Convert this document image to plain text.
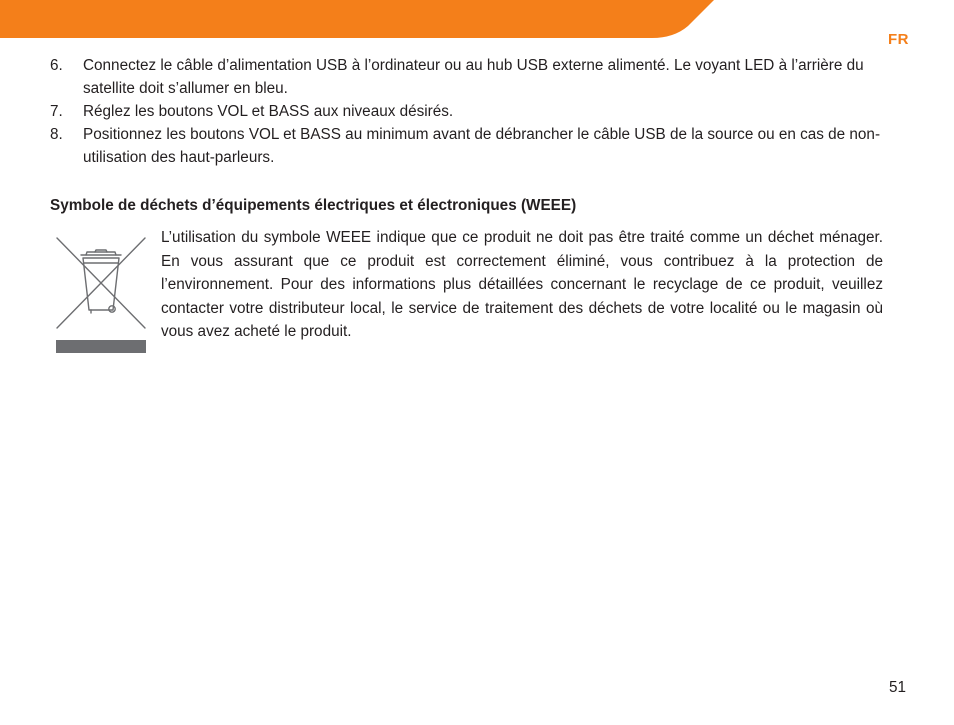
FR
6. Connectez le câble d’alimentation USB à l’ordinateur ou au hub USB externe alimenté. Le voyant LED à l’arrière du satellite doit s’allumer en bleu.
7. Réglez les boutons VOL et BASS aux niveaux désirés.
8. Positionnez les boutons VOL et BASS au minimum avant de débrancher le câble USB de la source ou en cas de non-utilisation des haut-parleurs.
Symbole de déchets d’équipements électriques et électroniques (WEEE)

L’utilisation du symbole WEEE indique que ce produit ne doit pas être traité comme un déchet ménager. En vous assurant que ce produit est correctement éliminé, vous contribuez à la protection de l’environnement. Pour des informations plus détaillées concernant le recyclage de ce produit, veuillez contacter votre distributeur local, le service de traitement des déchets de votre localité ou le magasin où vous avez acheté le produit.

51
